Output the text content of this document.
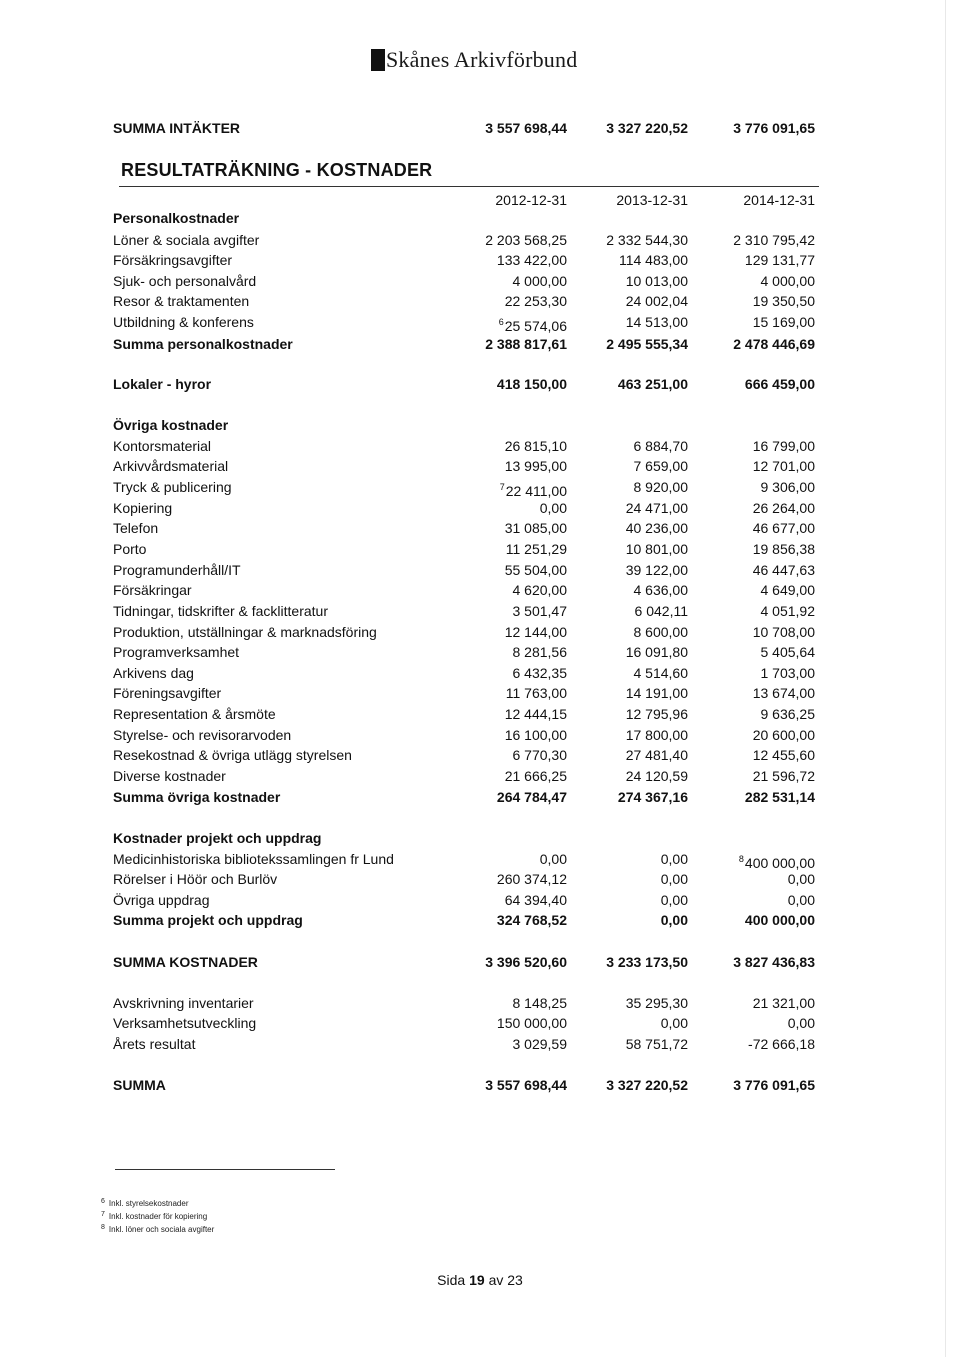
Skånes Arkivförbund
RESULTATRÄKNING - KOSTNADER
SUMMA INTÄKTER	3 557 698,44	3 327 220,52	3 776 091,65
2012-12-31	2013-12-31	2014-12-31
Personalkostnader
Löner & sociala avgifter	2 203 568,25	2 332 544,30	2 310 795,42
Försäkringsavgifter	133 422,00	114 483,00	129 131,77
Sjuk- och personalvård	4 000,00	10 013,00	4 000,00
Resor & traktamenten	22 253,30	24 002,04	19 350,50
Utbildning & konferens	$^6$25 574,06	14 513,00	15 169,00
Summa personalkostnader	2 388 817,61	2 495 555,34	2 478 446,69
Lokaler - hyror	418 150,00	463 251,00	666 459,00
Övriga kostnader
Kontorsmaterial	26 815,10	6 884,70	16 799,00
Arkivvårdsmaterial	13 995,00	7 659,00	12 701,00
Tryck & publicering	$^7$22 411,00	8 920,00	9 306,00
Kopiering	0,00	24 471,00	26 264,00
Telefon	31 085,00	40 236,00	46 677,00
Porto	11 251,29	10 801,00	19 856,38
Programunderhåll/IT	55 504,00	39 122,00	46 447,63
Försäkringar	4 620,00	4 636,00	4 649,00
Tidningar, tidskrifter & facklitteratur	3 501,47	6 042,11	4 051,92
Produktion, utställningar & marknadsföring	12 144,00	8 600,00	10 708,00
Programverksamhet	8 281,56	16 091,80	5 405,64
Arkivens dag	6 432,35	4 514,60	1 703,00
Föreningsavgifter	11 763,00	14 191,00	13 674,00
Representation & årsmöte	12 444,15	12 795,96	9 636,25
Styrelse- och revisorarvoden	16 100,00	17 800,00	20 600,00
Resekostnad & övriga utlägg styrelsen	6 770,30	27 481,40	12 455,60
Diverse kostnader	21 666,25	24 120,59	21 596,72
Summa övriga kostnader	264 784,47	274 367,16	282 531,14
Kostnader projekt och uppdrag
Medicinhistoriska bibliotekssamlingen fr Lund	0,00	0,00	$^8$400 000,00
Rörelser i Höör och Burlöv	260 374,12	0,00	0,00
Övriga uppdrag	64 394,40	0,00	0,00
Summa projekt och uppdrag	324 768,52	0,00	400 000,00
SUMMA KOSTNADER	3 396 520,60	3 233 173,50	3 827 436,83
Avskrivning inventarier	8 148,25	35 295,30	21 321,00
Verksamhetsutveckling	150 000,00	0,00	0,00
Årets resultat	3 029,59	58 751,72	-72 666,18
SUMMA	3 557 698,44	3 327 220,52	3 776 091,65
6 Inkl. styrelsekostnader
7 Inkl. kostnader för kopiering
8 Inkl. löner och sociala avgifter
Sida 19 av 23
